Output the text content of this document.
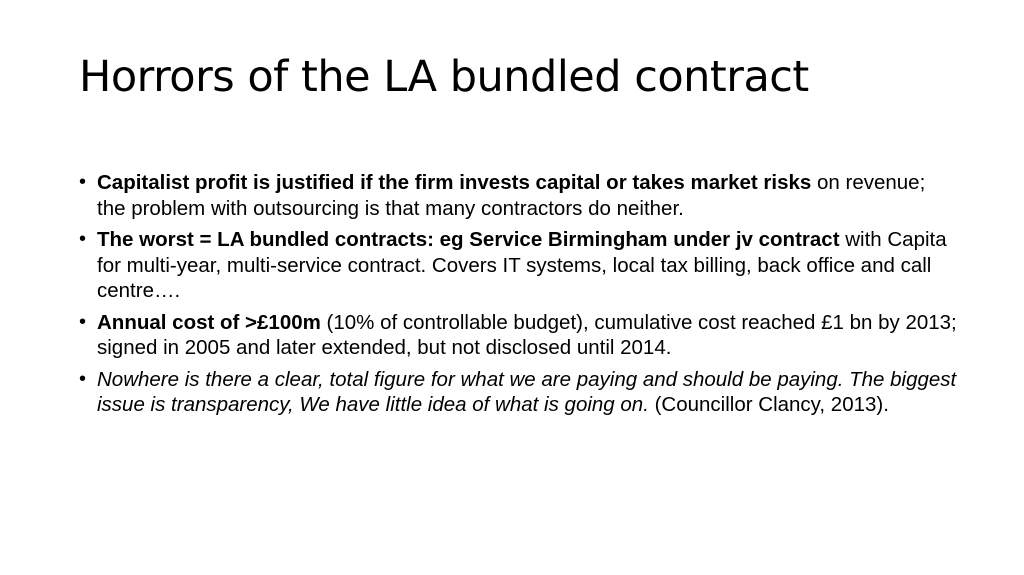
Horrors of the LA bundled contract
• Capitalist profit is justified if the firm invests capital or takes market risks on revenue; the problem with outsourcing is that many contractors do neither.
• The worst = LA bundled contracts: eg Service Birmingham under jv contract with Capita for multi-year, multi-service contract. Covers IT systems, local tax billing, back office and call centre….
• Annual cost of >£100m (10% of controllable budget), cumulative cost reached £1 bn by 2013; signed in 2005 and later extended, but not disclosed until 2014.
• Nowhere is there a clear, total figure for what we are paying and should be paying. The biggest issue is transparency, We have little idea of what is going on. (Councillor Clancy, 2013).
